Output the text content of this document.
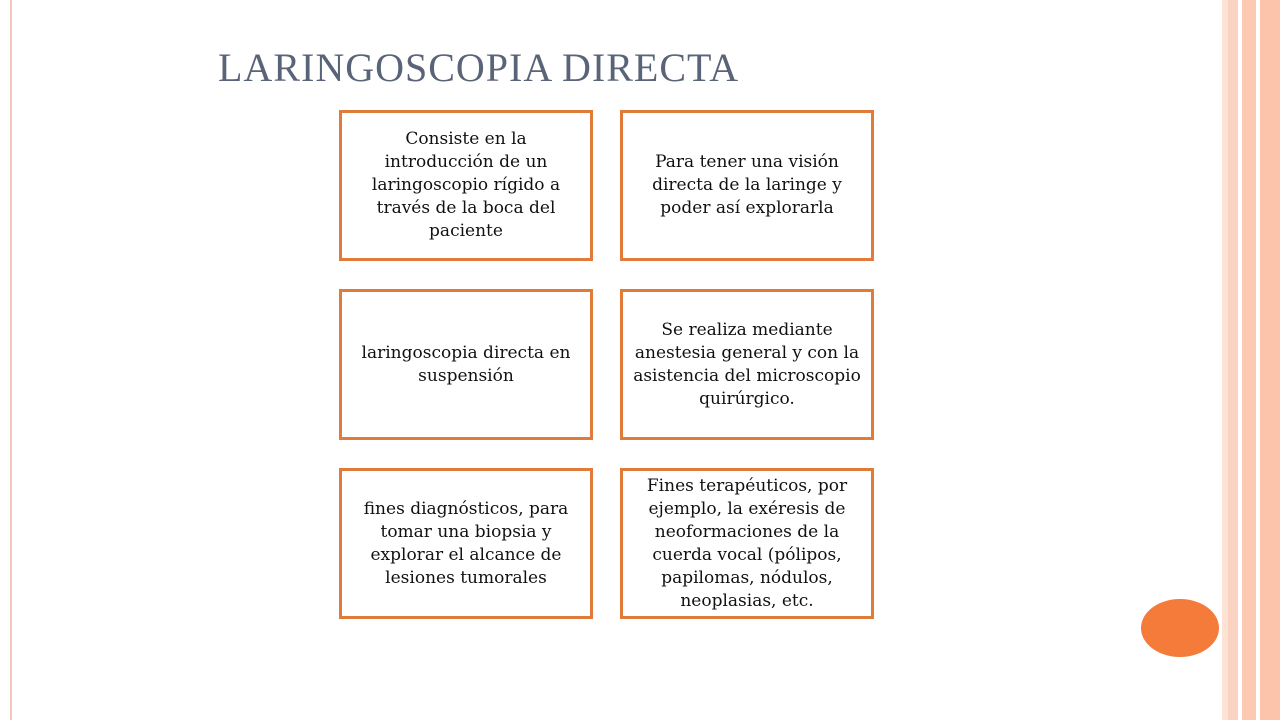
LARINGOSCOPIA DIRECTA
Consiste en la introducción de un laringoscopio rígido a través de la boca del paciente
Para tener una visión directa de la laringe y poder así explorarla
laringoscopia directa en suspensión
Se realiza mediante anestesia general y con la asistencia del microscopio quirúrgico.
fines diagnósticos, para tomar una biopsia y explorar el alcance de lesiones tumorales
Fines terapéuticos, por ejemplo, la exéresis de neoformaciones de la cuerda vocal (pólipos, papilomas, nódulos, neoplasias, etc.
